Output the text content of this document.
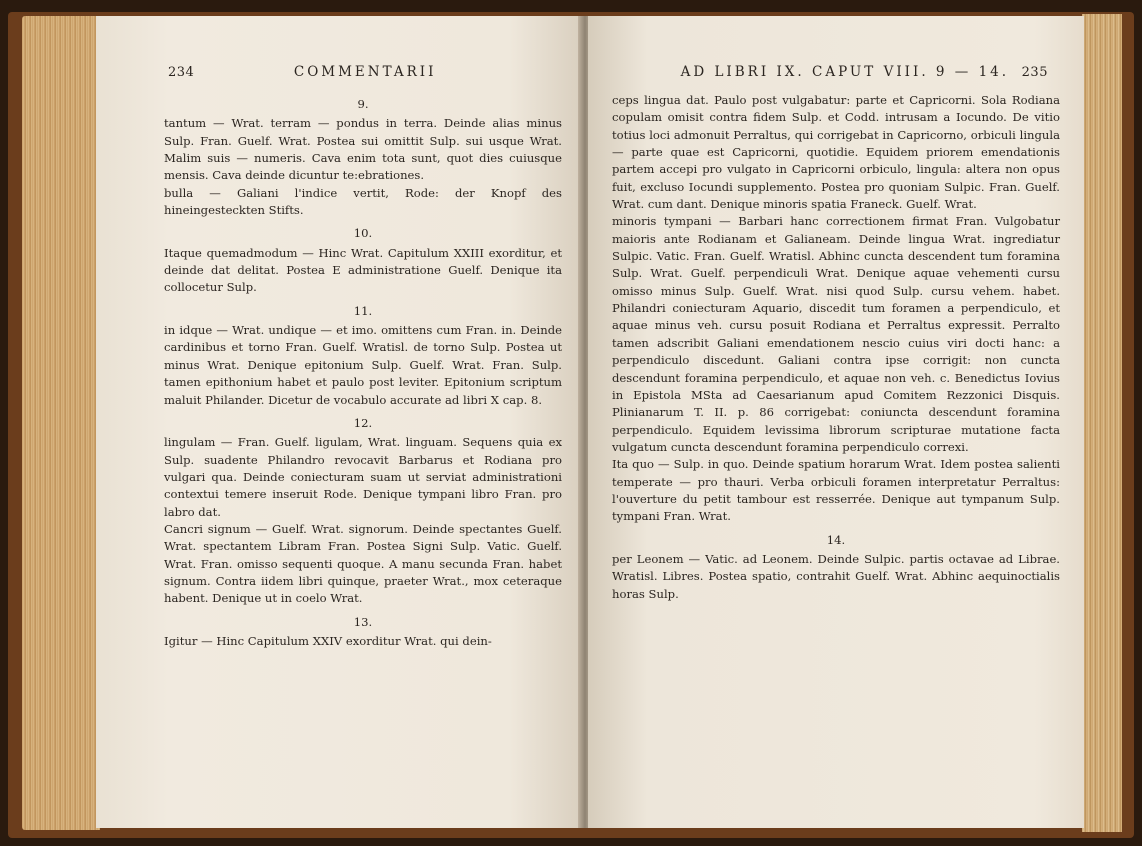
234	COMMENTARII
9.

tantum — Wrat. terram — pondus in terra. Deinde alias minus Sulp. Fran. Guelf. Wrat. Postea sui omittit Sulp. sui usque Wrat. Malim suis — numeris. Cava enim tota sunt, quot dies cuiusque mensis. Cava deinde dicuntur te:ebrationes.

bulla — Galiani l'indice vertit, Rode: der Knopf des hineingesteckten Stifts.

10.

Itaque quemadmodum — Hinc Wrat. Capitulum XXIII exorditur, et deinde dat delitat. Postea E administratione Guelf. Denique ita collocetur Sulp.

11.

in idque — Wrat. undique — et imo. omittens cum Fran. in. Deinde cardinibus et torno Fran. Guelf. Wratisl. de torno Sulp. Postea ut minus Wrat. Denique epitonium Sulp. Guelf. Wrat. Fran. Sulp. tamen epithonium habet et paulo post leviter. Epitonium scriptum maluit Philander. Dicetur de vocabulo accurate ad libri X cap. 8.

12.

lingulam — Fran. Guelf. ligulam, Wrat. linguam. Sequens quia ex Sulp. suadente Philandro revocavit Barbarus et Rodiana pro vulgari qua. Deinde coniecturam suam ut serviat administrationi contextui temere inseruit Rode. Denique tympani libro Fran. pro labro dat.

Cancri signum — Guelf. Wrat. signorum. Deinde spectantes Guelf. Wrat. spectantem Libram Fran. Postea Signi Sulp. Vatic. Guelf. Wrat. Fran. omisso sequenti quoque. A manu secunda Fran. habet signum. Contra iidem libri quinque, praeter Wrat., mox ceteraque habent. Denique ut in coelo Wrat.

13.

Igitur — Hinc Capitulum XXIV exorditur Wrat. qui dein-

AD LIBRI IX. CAPUT VIII. 9 — 14. 235

ceps lingua dat. Paulo post vulgabatur: parte et Capricorni. Sola Rodiana copulam omisit contra fidem Sulp. et Codd. intrusam a Iocundo. De vitio totius loci admonuit Perraltus, qui corrigebat in Capricorno, orbiculi lingula — parte quae est Capricorni, quotidie. Equidem priorem emendationis partem accepi pro vulgato in Capricorni orbiculo, lingula: altera non opus fuit, excluso Iocundi supplemento. Postea pro quoniam Sulpic. Fran. Guelf. Wrat. cum dant. Denique minoris spatia Franeck. Guelf. Wrat.

minoris tympani — Barbari hanc correctionem firmat Fran. Vulgobatur maioris ante Rodianam et Galianeam. Deinde lingua Wrat. ingrediatur Sulpic. Vatic. Fran. Guelf. Wratisl. Abhinc cuncta descendent tum foramina Sulp. Wrat. Guelf. perpendiculi Wrat. Denique aquae vehementi cursu omisso minus Sulp. Guelf. Wrat. nisi quod Sulp. cursu vehem. habet. Philandri coniecturam Aquario, discedit tum foramen a perpendiculo, et aquae minus veh. cursu posuit Rodiana et Perraltus expressit. Perralto tamen adscribit Galiani emendationem nescio cuius viri docti hanc: a perpendiculo discedunt. Galiani contra ipse corrigit: non cuncta descendunt foramina perpendiculo, et aquae non veh. c. Benedictus Iovius in Epistola MSta ad Caesarianum apud Comitem Rezzonici Disquis. Plinianarum T. II. p. 86 corrigebat: coniuncta descendunt foramina perpendiculo. Equidem levissima librorum scripturae mutatione facta vulgatum cuncta descendunt foramina perpendiculo correxi.

Ita quo — Sulp. in quo. Deinde spatium horarum Wrat. Idem postea salienti temperate — pro thauri. Verba orbiculi foramen interpretatur Perraltus: l'ouverture du petit tambour est resserrée. Denique aut tympanum Sulp. tympani Fran. Wrat.

14.

per Leonem — Vatic. ad Leonem. Deinde Sulpic. partis octavae ad Librae. Wratisl. Libres. Postea spatio, contrahit Guelf. Wrat. Abhinc aequinoctialis horas Sulp.
